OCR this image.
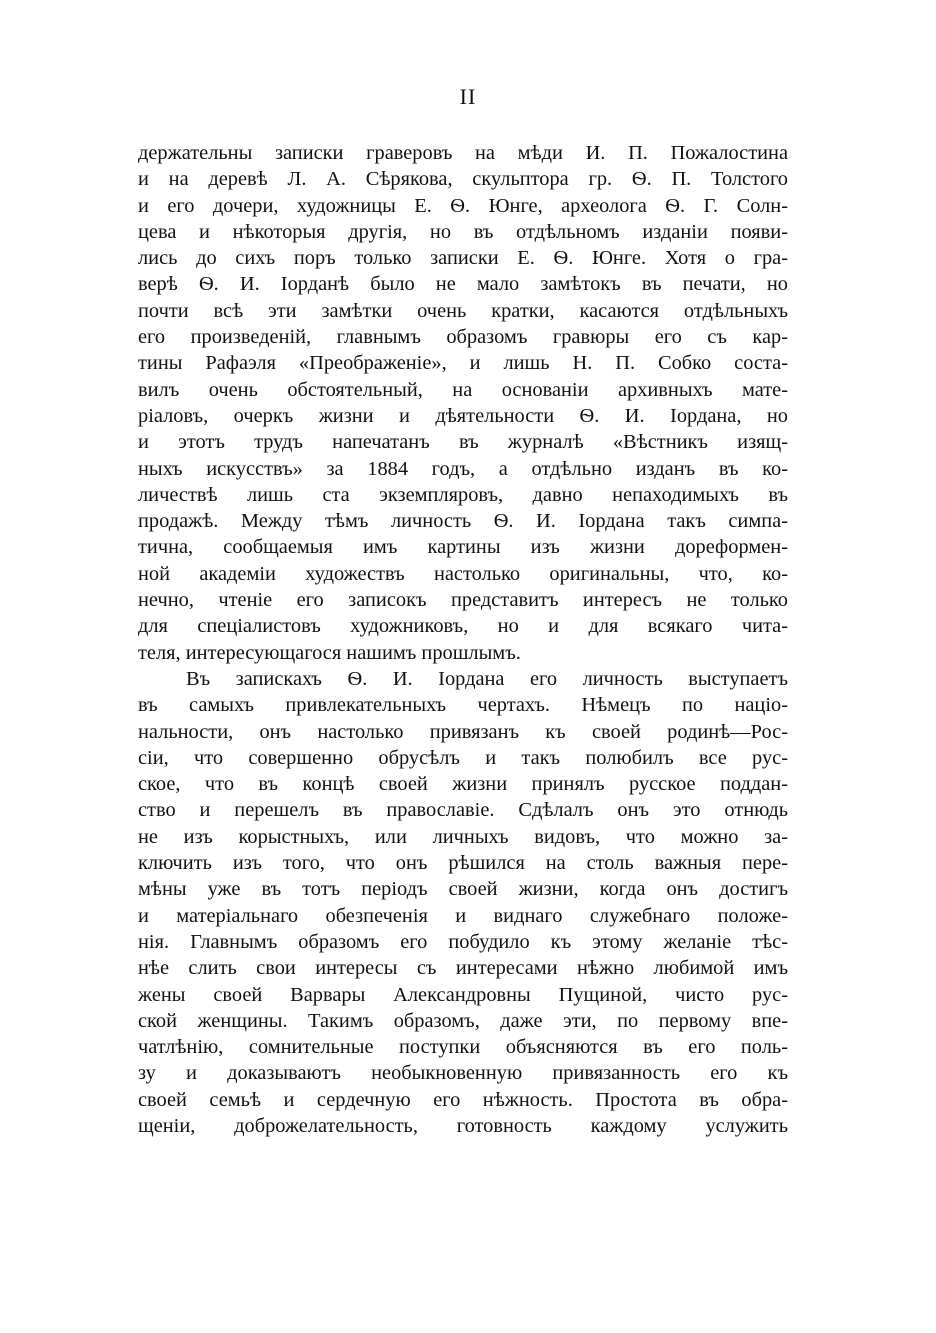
II
держательны записки граверовъ на мѣди И. П. Пожалостина
и на деревѣ Л. А. Сѣрякова, скульптора гр. Ѳ. П. Толстого
и его дочери, художницы Е. Ѳ. Юнге, археолога Ѳ. Г. Солн-
цева и нѣкоторыя другія, но въ отдѣльномъ изданіи появи-
лись до сихъ поръ только записки Е. Ѳ. Юнге. Хотя о гра-
верѣ Ѳ. И. Іорданѣ было не мало замѣтокъ въ печати, но
почти всѣ эти замѣтки очень кратки, касаются отдѣльныхъ
его произведеній, главнымъ образомъ гравюры его съ кар-
тины Рафаэля «Преображеніе», и лишь Н. П. Собко соста-
вилъ очень обстоятельный, на основаніи архивныхъ мате-
ріаловъ, очеркъ жизни и дѣятельности Ѳ. И. Іордана, но
и этотъ трудъ напечатанъ въ журналѣ «Вѣстникъ изящ-
ныхъ искусствъ» за 1884 годъ, а отдѣльно изданъ въ ко-
личествѣ лишь ста экземпляровъ, давно непаходимыхъ въ
продажѣ. Между тѣмъ личность Ѳ. И. Іордана такъ симпа-
тична, сообщаемыя имъ картины изъ жизни дореформен-
ной академіи художествъ настолько оригинальны, что, ко-
нечно, чтеніе его записокъ представитъ интересъ не только
для спеціалистовъ художниковъ, но и для всякаго чита-
теля, интересующагося нашимъ прошлымъ.
Въ запискахъ Ѳ. И. Іордана его личность выступаетъ
въ самыхъ привлекательныхъ чертахъ. Нѣмецъ по націо-
нальности, онъ настолько привязанъ къ своей родинѣ—Рос-
сіи, что совершенно обрусѣлъ и такъ полюбилъ все рус-
ское, что въ концѣ своей жизни принялъ русское поддан-
ство и перешелъ въ православіе. Сдѣлалъ онъ это отнюдь
не изъ корыстныхъ, или личныхъ видовъ, что можно за-
ключить изъ того, что онъ рѣшился на столь важныя пере-
мѣны уже въ тотъ періодъ своей жизни, когда онъ достигъ
и матеріальнаго обезпеченія и виднаго служебнаго положе-
нія. Главнымъ образомъ его побудило къ этому желаніе тѣс-
нѣе слить свои интересы съ интересами нѣжно любимой имъ
жены своей Варвары Александровны Пущиной, чисто рус-
ской женщины. Такимъ образомъ, даже эти, по первому впе-
чатлѣнію, сомнительные поступки объясняются въ его поль-
зу и доказываютъ необыкновенную привязанность его къ
своей семьѣ и сердечную его нѣжность. Простота въ обра-
щеніи, доброжелательность, готовность каждому услужить
